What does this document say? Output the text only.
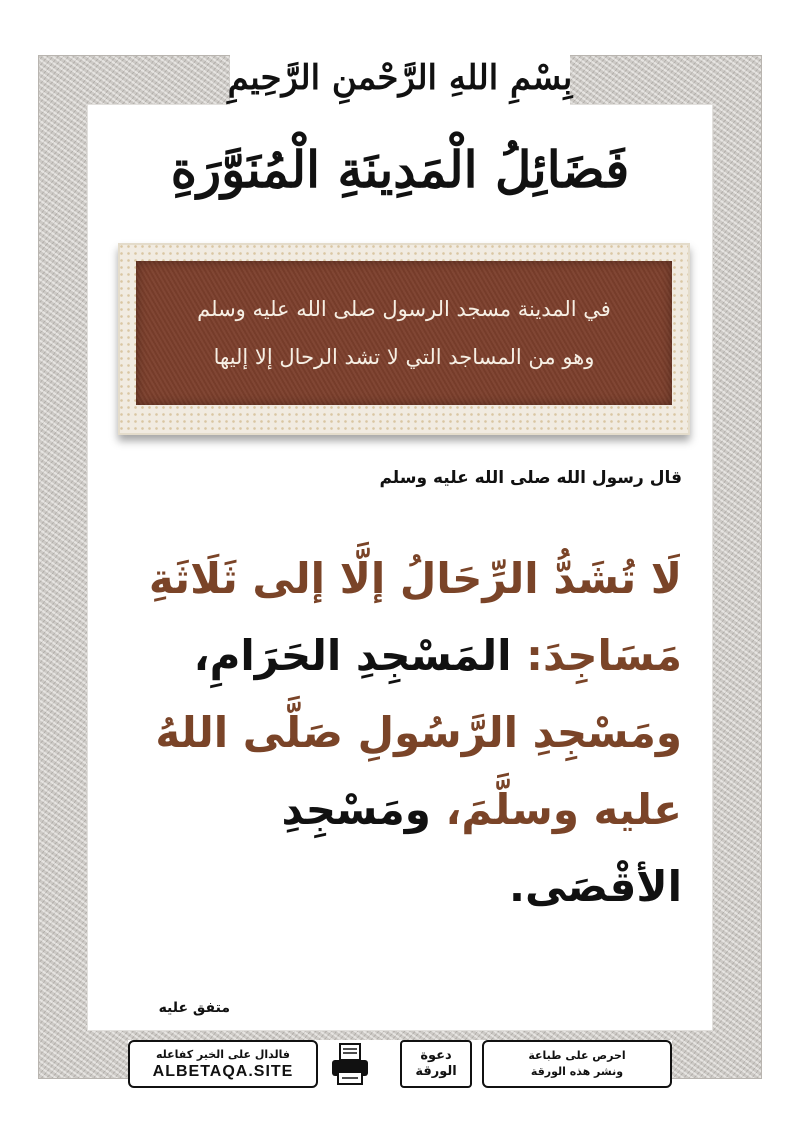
بِسْمِ اللهِ الرَّحْمنِ الرَّحِيمِ
فَضَائِلُ الْمَدِينَةِ الْمُنَوَّرَةِ
في المدينة مسجد الرسول صلى الله عليه وسلم
وهو من المساجد التي لا تشد الرحال إلا إليها
قال رسول الله صلى الله عليه وسلم
لَا تُشَدُّ الرِّحَالُ إلَّا إلى ثَلَاثَةِ مَسَاجِدَ: المَسْجِدِ الحَرَامِ، ومَسْجِدِ الرَّسُولِ صَلَّى اللهُ عليه وسلَّمَ، ومَسْجِدِ الأقْصَى.
متفق عليه
فالدال على الخير كفاعله
ALBETAQA.SITE
دعوة
الورقة
احرص على طباعة
ونشر هذه الورقة
